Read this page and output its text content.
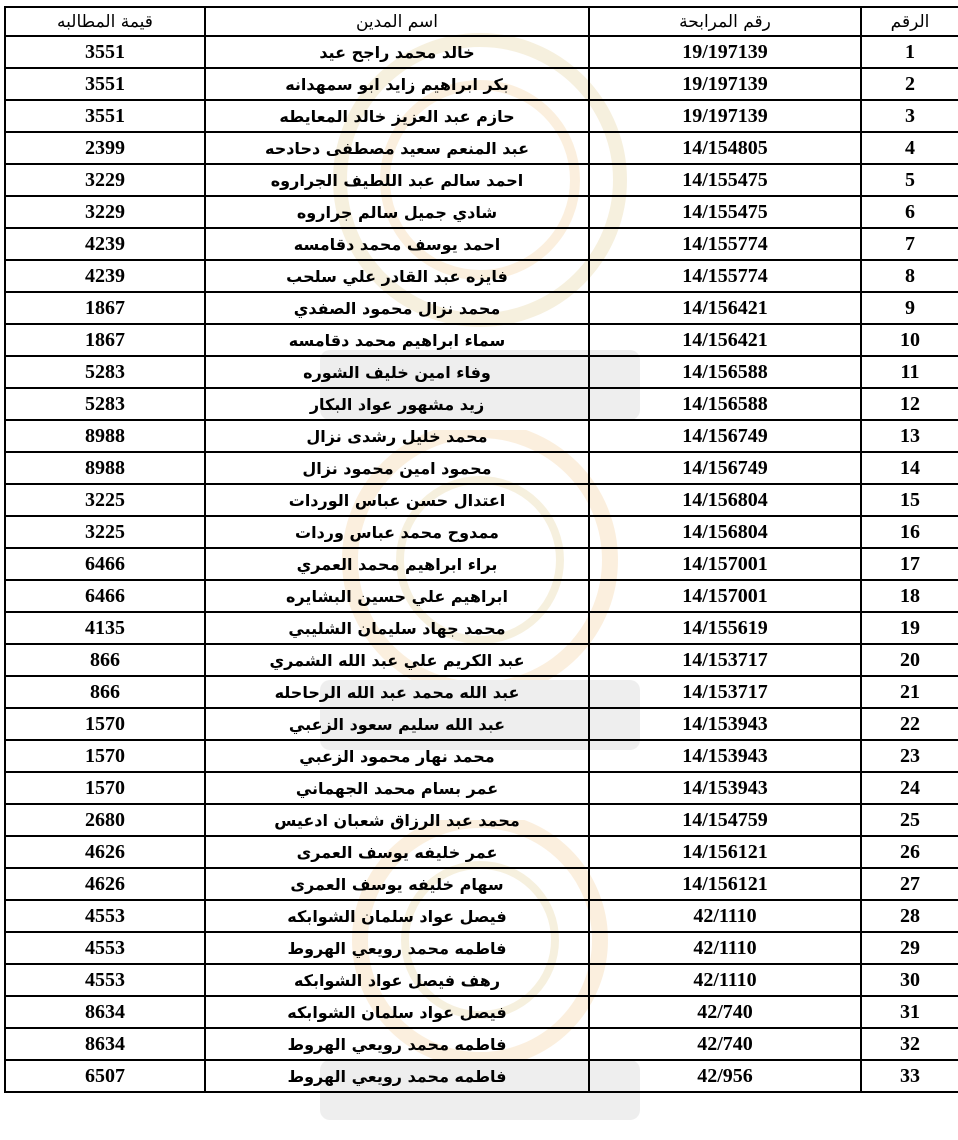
الرقم	رقم المرابحة	اسم المدين	قيمة المطالبه
1	19/197139	خالد محمد راجح عيد	3551
2	19/197139	بكر ابراهيم زايد ابو سمهدانه	3551
3	19/197139	حازم عبد العزيز خالد المعايطه	3551
4	14/154805	عبد المنعم سعيد مصطفى دحادحه	2399
5	14/155475	احمد سالم عبد اللطيف الجراروه	3229
6	14/155475	شادي جميل سالم جراروه	3229
7	14/155774	احمد يوسف محمد دقامسه	4239
8	14/155774	فايزه عبد القادر علي سلحب	4239
9	14/156421	محمد نزال محمود الصفدي	1867
10	14/156421	سماء ابراهيم محمد دقامسه	1867
11	14/156588	وفاء امين خليف الشوره	5283
12	14/156588	زيد مشهور عواد البكار	5283
13	14/156749	محمد خليل رشدى نزال	8988
14	14/156749	محمود امين محمود نزال	8988
15	14/156804	اعتدال حسن عباس الوردات	3225
16	14/156804	ممدوح محمد عباس وردات	3225
17	14/157001	براء ابراهيم محمد العمري	6466
18	14/157001	ابراهيم علي حسين البشايره	6466
19	14/155619	محمد جهاد سليمان الشليبي	4135
20	14/153717	عبد الكريم علي عبد الله الشمري	866
21	14/153717	عبد الله محمد عبد الله الرحاحله	866
22	14/153943	عبد الله سليم سعود الزعبي	1570
23	14/153943	محمد نهار محمود الزعبي	1570
24	14/153943	عمر بسام محمد الجهماني	1570
25	14/154759	محمد عبد الرزاق شعبان ادعيس	2680
26	14/156121	عمر خليفه يوسف العمرى	4626
27	14/156121	سهام خليفه يوسف العمرى	4626
28	42/1110	فيصل عواد سلمان الشوابكه	4553
29	42/1110	فاطمه محمد رويعي الهروط	4553
30	42/1110	رهف فيصل عواد الشوابكه	4553
31	42/740	فيصل عواد سلمان الشوابكه	8634
32	42/740	فاطمه محمد رويعي الهروط	8634
33	42/956	فاطمه محمد رويعي الهروط	6507
